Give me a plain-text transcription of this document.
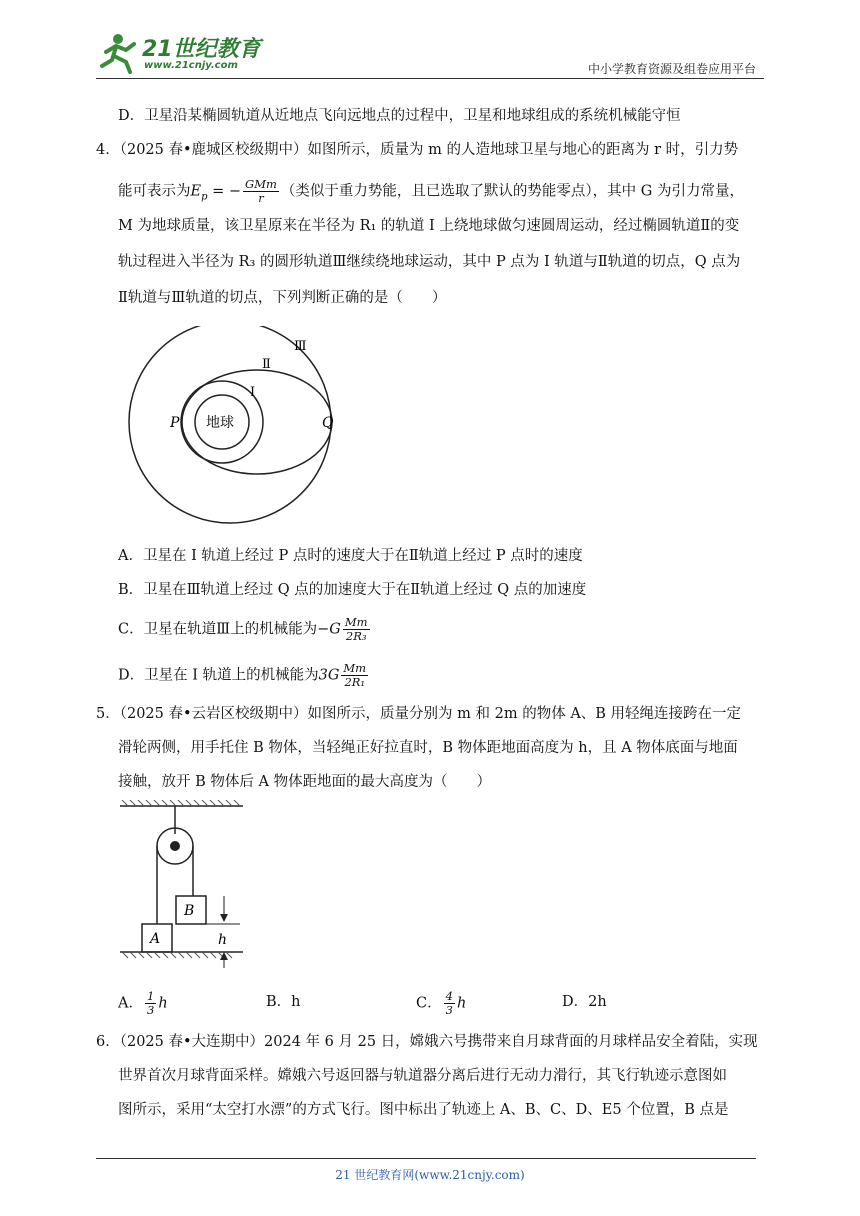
21世纪教育
www.21cnjy.com	中小学教育资源及组卷应用平台
D．卫星沿某椭圆轨道从近地点飞向远地点的过程中，卫星和地球组成的系统机械能守恒
4．（2025 春•鹿城区校级期中）如图所示，质量为 m 的人造地球卫星与地心的距离为 r 时，引力势
能可表示为$E_p$ = − $\frac{\text{GMm}}{r}$ （类似于重力势能，且已选取了默认的势能零点），其中 G 为引力常量，
M 为地球质量，该卫星原来在半径为 R₁ 的轨道 Ⅰ 上绕地球做匀速圆周运动，经过椭圆轨道Ⅱ的变
轨过程进入半径为 R₃ 的圆形轨道Ⅲ继续绕地球运动，其中 P 点为 Ⅰ 轨道与Ⅱ轨道的切点，Q 点为
Ⅱ轨道与Ⅲ轨道的切点，下列判断正确的是（　　）
地球
P	Q
Ⅰ
Ⅱ
Ⅲ
A．卫星在 Ⅰ 轨道上经过 P 点时的速度大于在Ⅱ轨道上经过 P 点时的速度
B．卫星在Ⅲ轨道上经过 Q 点的加速度大于在Ⅱ轨道上经过 Q 点的加速度
C．卫星在轨道Ⅲ上的机械能为$-G \frac{Mm}{\text{2R₃}}$
D．卫星在 Ⅰ 轨道上的机械能为$3G \frac{Mm}{\text{2R₁}}$
5．（2025 春•云岩区校级期中）如图所示，质量分别为 m 和 2m 的物体 A、B 用轻绳连接跨在一定
滑轮两侧，用手托住 B 物体，当轻绳正好拉直时，B 物体距地面高度为 h，且 A 物体底面与地面
接触，放开 B 物体后 A 物体距地面的最大高度为（　　）
B
A	h
A． $\frac{1}{3}$ h	B．h	C． $\frac{4}{3}$ h	D．2h
6．（2025 春•大连期中）2024 年 6 月 25 日，嫦娥六号携带来自月球背面的月球样品安全着陆，实现
世界首次月球背面采样。嫦娥六号返回器与轨道器分离后进行无动力滑行，其飞行轨迹示意图如
图所示，采用“太空打水漂”的方式飞行。图中标出了轨迹上 A、B、C、D、E5 个位置，B 点是
21 世纪教育网(www.21cnjy.com)
